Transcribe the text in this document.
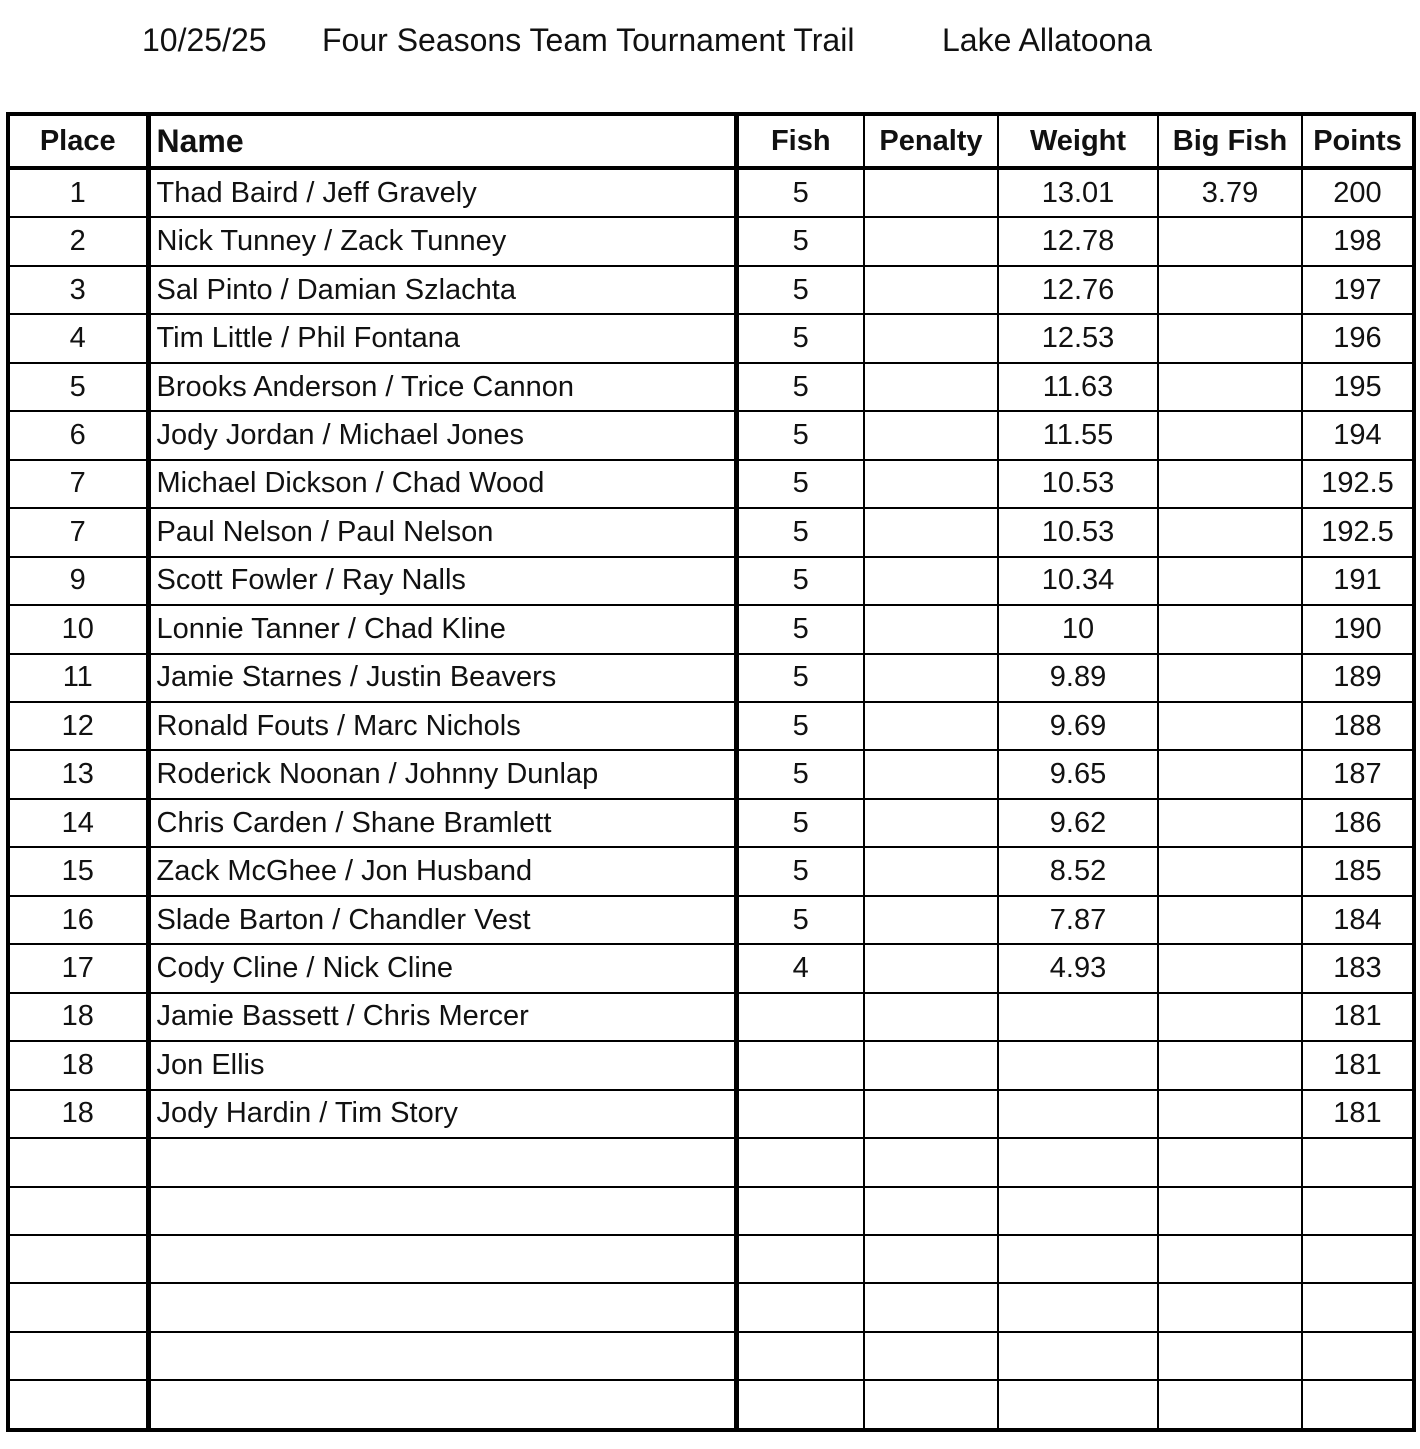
10/25/25 Four Seasons Team Tournament Trail	Lake Allatoona
Place	Name	Fish	Penalty	Weight	Big Fish	Points
1	Thad Baird / Jeff Gravely	5		13.01	3.79	200
2	Nick Tunney / Zack Tunney	5		12.78		198
3	Sal Pinto / Damian Szlachta	5		12.76		197
4	Tim Little / Phil Fontana	5		12.53		196
5	Brooks Anderson / Trice Cannon	5		11.63		195
6	Jody Jordan / Michael Jones	5		11.55		194
7	Michael Dickson / Chad Wood	5		10.53		192.5
7	Paul Nelson / Paul Nelson	5		10.53		192.5
9	Scott Fowler / Ray Nalls	5		10.34		191
10	Lonnie Tanner / Chad Kline	5		10		190
11	Jamie Starnes / Justin Beavers	5		9.89		189
12	Ronald Fouts / Marc Nichols	5		9.69		188
13	Roderick Noonan / Johnny Dunlap	5		9.65		187
14	Chris Carden / Shane Bramlett	5		9.62		186
15	Zack McGhee / Jon Husband	5		8.52		185
16	Slade Barton / Chandler Vest	5		7.87		184
17	Cody Cline / Nick Cline	4		4.93		183
18	Jamie Bassett / Chris Mercer					181
18	Jon Ellis					181
18	Jody Hardin / Tim Story					181
